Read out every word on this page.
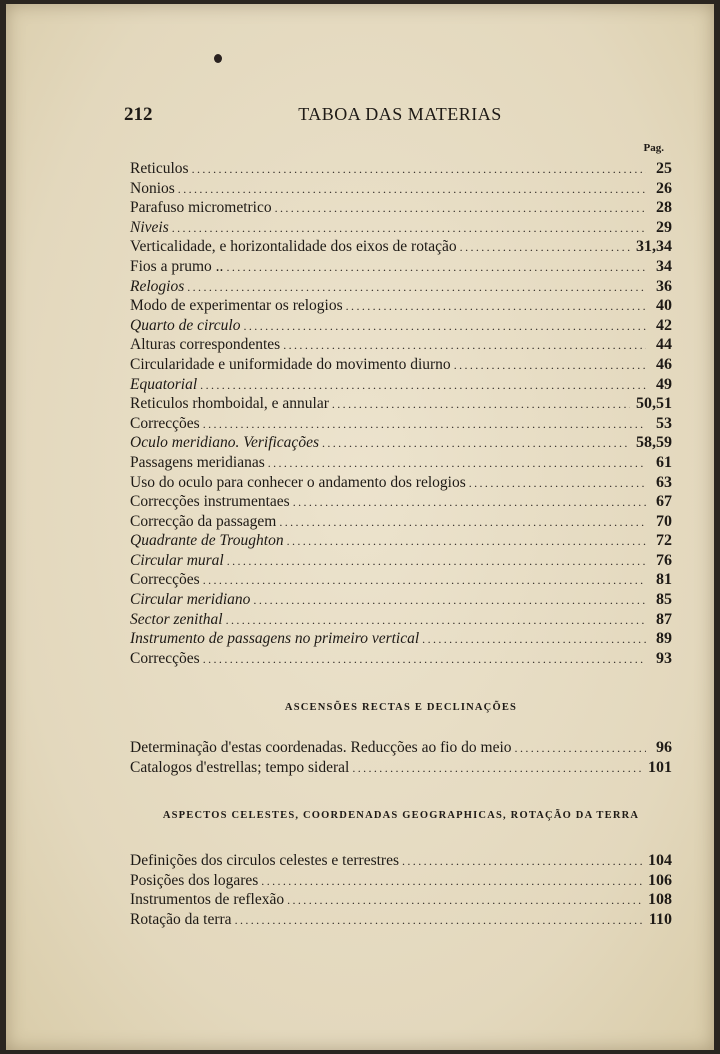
212	TABOA DAS MATERIAS
Pag.
Reticulos .....	25
Nonios .....	26
Parafuso micrometrico .....	28
Niveis .....	29
Verticalidade, e horizontalidade dos eixos de rotação .....	31,34
Fios a prumo .. .....	34
Relogios .....	36
Modo de experimentar os relogios .....	40
Quarto de circulo .....	42
Alturas correspondentes .....	44
Circularidade e uniformidade do movimento diurno .....	46
Equatorial .....	49
Reticulos rhomboidal, e annular .....	50,51
Correcções .....	53
Oculo meridiano. Verificações .....	58,59
Passagens meridianas .....	61
Uso do oculo para conhecer o andamento dos relogios .....	63
Correcções instrumentaes .....	67
Correcção da passagem .....	70
Quadrante de Troughton .....	72
Circular mural .....	76
Correcções .....	81
Circular meridiano .....	85
Sector zenithal .....	87
Instrumento de passagens no primeiro vertical .....	89
Correcções .....	93
ASCENSÕES RECTAS E DECLINAÇÕES
Determinação d'estas coordenadas. Reducções ao fio do meio .....	96
Catalogos d'estrellas; tempo sideral .....	101
ASPECTOS CELESTES, COORDENADAS GEOGRAPHICAS, ROTAÇÃO DA TERRA
Definições dos circulos celestes e terrestres .....	104
Posições dos logares .....	106
Instrumentos de reflexão .....	108
Rotação da terra .....	110
